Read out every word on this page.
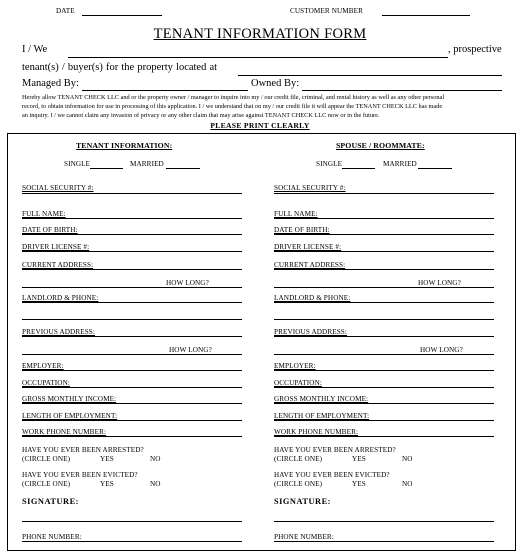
DATE	CUSTOMER NUMBER
TENANT INFORMATION FORM
I / We	, prospective
tenant(s) / buyer(s) for the property located at
Managed By:	Owned By:
Hereby allow TENANT CHECK LLC and or the property owner / manager to inquire into my / our credit file, criminal, and rental history as well as any other personal
record, to obtain information for use in processing of this application. I / we understand that on my / our credit file it will appear the TENANT CHECK LLC has made
an inquiry. I / we cannot claim any invasion of privacy or any other claim that may arise against TENANT CHECK LLC now or in the future.
PLEASE PRINT CLEARLY
TENANT INFORMATION:
SINGLE	MARRIED
SOCIAL SECURITY #:
FULL NAME:
DATE OF BIRTH:
DRIVER LICENSE #:
CURRENT ADDRESS:
HOW LONG?
LANDLORD & PHONE:
PREVIOUS ADDRESS:
HOW LONG?
EMPLOYER:
OCCUPATION:
GROSS MONTHLY INCOME:
LENGTH OF EMPLOYMENT:
WORK PHONE NUMBER:
HAVE YOU EVER BEEN ARRESTED?
(CIRCLE ONE)	YES	NO
HAVE YOU EVER BEEN EVICTED?
(CIRCLE ONE)	YES	NO
SIGNATURE:
PHONE NUMBER:
SPOUSE / ROOMMATE:
SINGLE	MARRIED
SOCIAL SECURITY #:
FULL NAME:
DATE OF BIRTH:
DRIVER LICENSE #:
CURRENT ADDRESS:
HOW LONG?
LANDLORD & PHONE:
PREVIOUS ADDRESS:
HOW LONG?
EMPLOYER:
OCCUPATION:
GROSS MONTHLY INCOME:
LENGTH OF EMPLOYMENT:
WORK PHONE NUMBER:
HAVE YOU EVER BEEN ARRESTED?
(CIRCLE ONE)	YES	NO
HAVE YOU EVER BEEN EVICTED?
(CIRCLE ONE)	YES	NO
SIGNATURE:
PHONE NUMBER:
